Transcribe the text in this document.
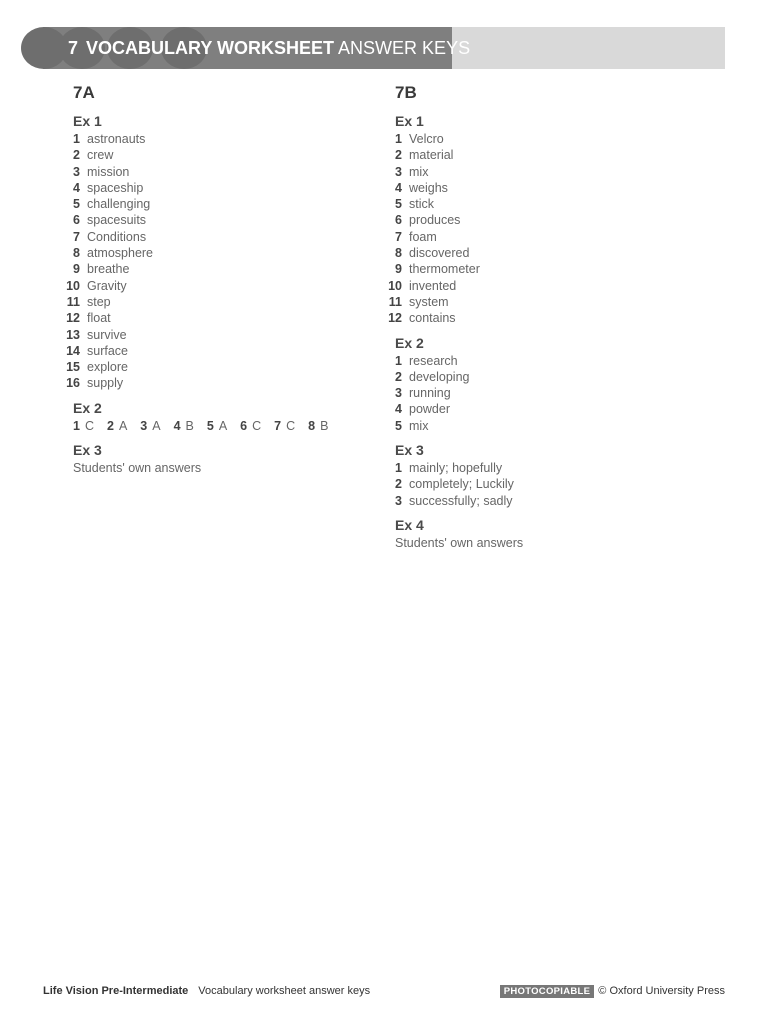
7 VOCABULARY WORKSHEET ANSWER KEYS
7A
Ex 1
1 astronauts
2 crew
3 mission
4 spaceship
5 challenging
6 spacesuits
7 Conditions
8 atmosphere
9 breathe
10 Gravity
11 step
12 float
13 survive
14 surface
15 explore
16 supply
Ex 2
1 C 2 A 3 A 4 B 5 A 6 C 7 C 8 B
Ex 3
Students' own answers
7B
Ex 1
1 Velcro
2 material
3 mix
4 weighs
5 stick
6 produces
7 foam
8 discovered
9 thermometer
10 invented
11 system
12 contains
Ex 2
1 research
2 developing
3 running
4 powder
5 mix
Ex 3
1 mainly; hopefully
2 completely; Luckily
3 successfully; sadly
Ex 4
Students' own answers
Life Vision Pre-Intermediate Vocabulary worksheet answer keys	PHOTOCOPIABLE © Oxford University Press
